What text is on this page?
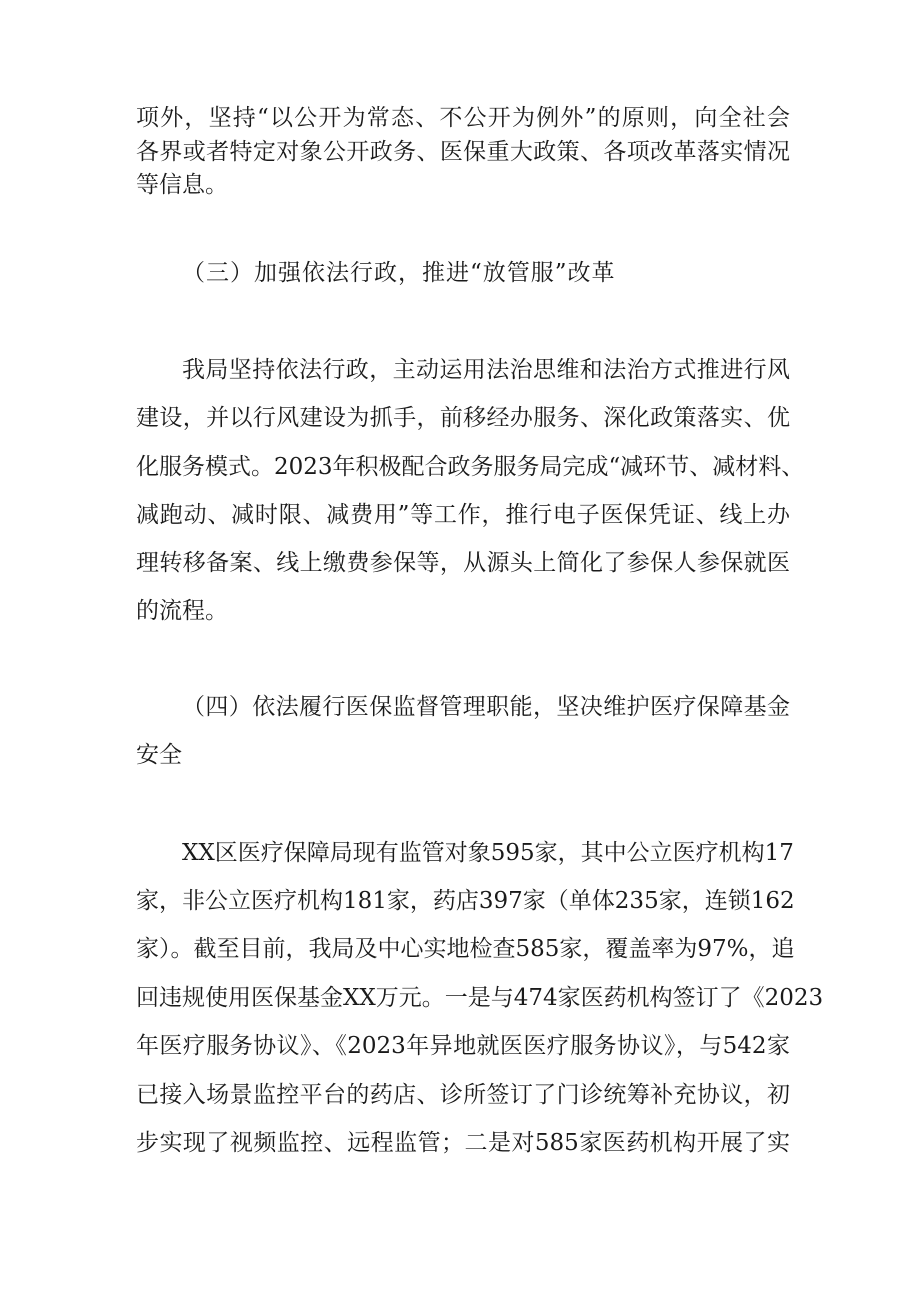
项外，坚持“以公开为常态、不公开为例外”的原则，向全社会
各界或者特定对象公开政务、医保重大政策、各项改革落实情况
等信息。
（三）加强依法行政，推进“放管服”改革
我局坚持依法行政，主动运用法治思维和法治方式推进行风
建设，并以行风建设为抓手，前移经办服务、深化政策落实、优
化服务模式。2023年积极配合政务服务局完成“减环节、减材料、
减跑动、减时限、减费用”等工作，推行电子医保凭证、线上办
理转移备案、线上缴费参保等，从源头上简化了参保人参保就医
的流程。
（四）依法履行医保监督管理职能，坚决维护医疗保障基金
安全
XX区医疗保障局现有监管对象595家，其中公立医疗机构17
家，非公立医疗机构181家，药店397家（单体235家，连锁162
家）。截至目前，我局及中心实地检查585家，覆盖率为97%，追
回违规使用医保基金XX万元。一是与474家医药机构签订了《2023
年医疗服务协议》、《2023年异地就医医疗服务协议》，与542家
已接入场景监控平台的药店、诊所签订了门诊统筹补充协议，初
步实现了视频监控、远程监管；二是对585家医药机构开展了实
